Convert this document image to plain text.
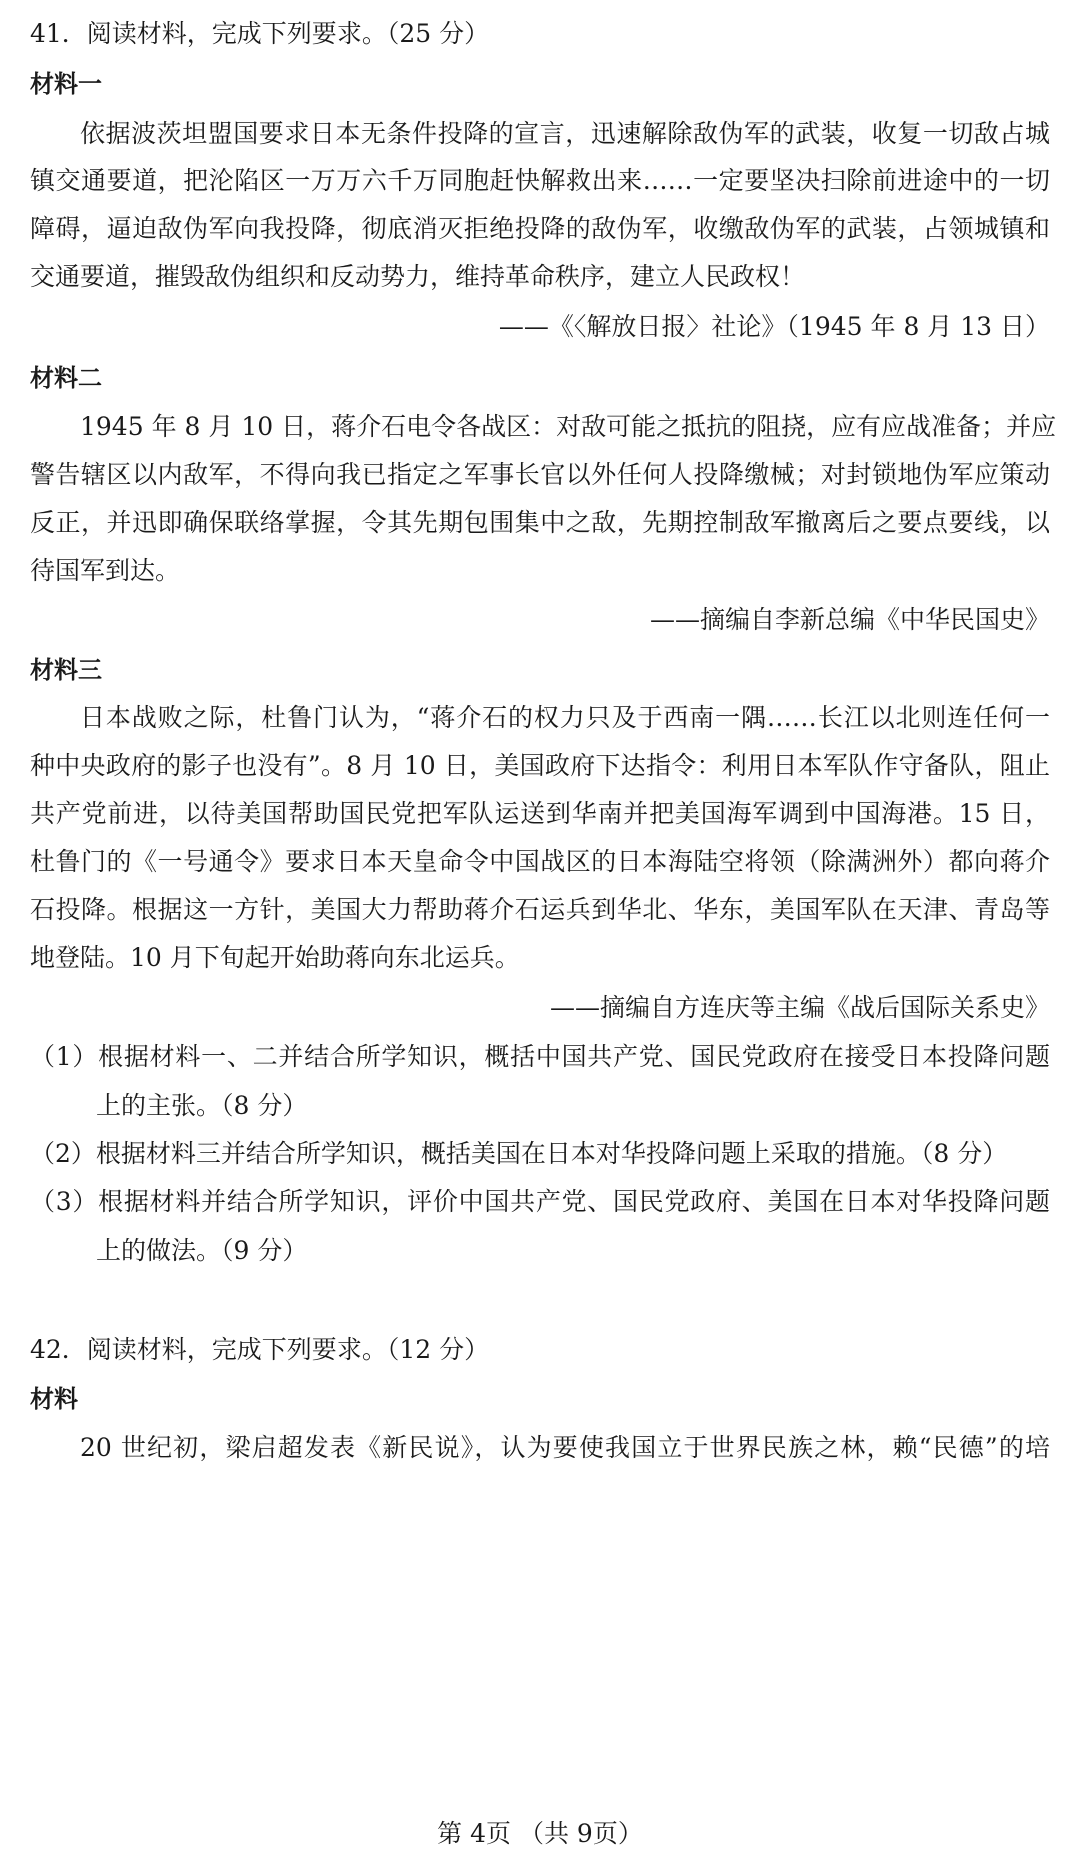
41．阅读材料，完成下列要求。（25 分）
材料一
依据波茨坦盟国要求日本无条件投降的宣言，迅速解除敌伪军的武装，收复一切敌占城
镇交通要道，把沦陷区一万万六千万同胞赶快解救出来……一定要坚决扫除前进途中的一切
障碍，逼迫敌伪军向我投降，彻底消灭拒绝投降的敌伪军，收缴敌伪军的武装，占领城镇和
交通要道，摧毁敌伪组织和反动势力，维持革命秩序，建立人民政权！
——《〈解放日报〉社论》（1945 年 8 月 13 日）
材料二
1945 年 8 月 10 日，蒋介石电令各战区：对敌可能之抵抗的阻挠，应有应战准备；并应
警告辖区以内敌军，不得向我已指定之军事长官以外任何人投降缴械；对封锁地伪军应策动
反正，并迅即确保联络掌握，令其先期包围集中之敌，先期控制敌军撤离后之要点要线，以
待国军到达。
——摘编自李新总编《中华民国史》
材料三
日本战败之际，杜鲁门认为，“蒋介石的权力只及于西南一隅……长江以北则连任何一
种中央政府的影子也没有”。8 月 10 日，美国政府下达指令：利用日本军队作守备队，阻止
共产党前进，以待美国帮助国民党把军队运送到华南并把美国海军调到中国海港。15 日，
杜鲁门的《一号通令》要求日本天皇命令中国战区的日本海陆空将领（除满洲外）都向蒋介
石投降。根据这一方针，美国大力帮助蒋介石运兵到华北、华东，美国军队在天津、青岛等
地登陆。10 月下旬起开始助蒋向东北运兵。
——摘编自方连庆等主编《战后国际关系史》
（1）根据材料一、二并结合所学知识，概括中国共产党、国民党政府在接受日本投降问题
上的主张。（8 分）
（2）根据材料三并结合所学知识，概括美国在日本对华投降问题上采取的措施。（8 分）
（3）根据材料并结合所学知识，评价中国共产党、国民党政府、美国在日本对华投降问题
上的做法。（9 分）
42．阅读材料，完成下列要求。（12 分）
材料
20 世纪初，梁启超发表《新民说》，认为要使我国立于世界民族之林，赖“民德”的培
第 4页 （共 9页）
